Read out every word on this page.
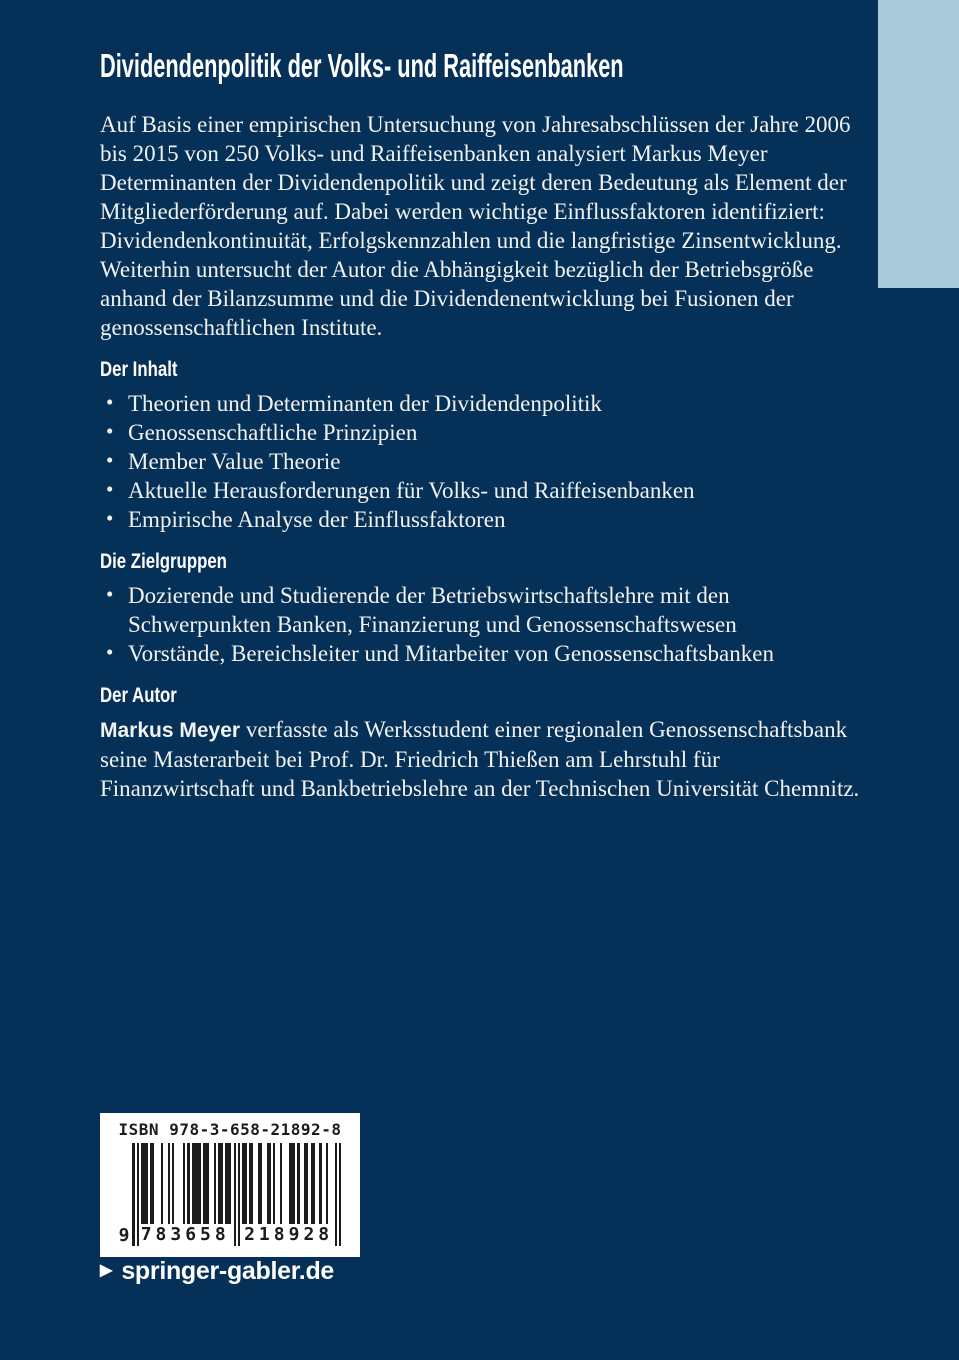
Dividendenpolitik der Volks- und Raiffeisenbanken

Auf Basis einer empirischen Untersuchung von Jahresabschlüssen der Jahre 2006 bis 2015 von 250 Volks- und Raiffeisenbanken analysiert Markus Meyer Determinanten der Dividendenpolitik und zeigt deren Bedeutung als Element der Mitgliederförderung auf. Dabei werden wichtige Einflussfaktoren identifiziert: Dividendenkontinuität, Erfolgskennzahlen und die langfristige Zinsentwicklung. Weiterhin untersucht der Autor die Abhängigkeit bezüglich der Betriebsgröße anhand der Bilanzsumme und die Dividendenentwicklung bei Fusionen der genossenschaftlichen Institute.

Der Inhalt
• Theorien und Determinanten der Dividendenpolitik
• Genossenschaftliche Prinzipien
• Member Value Theorie
• Aktuelle Herausforderungen für Volks- und Raiffeisenbanken
• Empirische Analyse der Einflussfaktoren
Die Zielgruppen
• Dozierende und Studierende der Betriebswirtschaftslehre mit den Schwerpunkten Banken, Finanzierung und Genossenschaftswesen
• Vorstände, Bereichsleiter und Mitarbeiter von Genossenschaftsbanken
Der Autor

Markus Meyer verfasste als Werksstudent einer regionalen Genossenschaftsbank seine Masterarbeit bei Prof. Dr. Friedrich Thießen am Lehrstuhl für Finanzwirtschaft und Bankbetriebslehre an der Technischen Universität Chemnitz.

ISBN 978-3-658-21892-8
9 783658 218928
▶ springer-gabler.de
